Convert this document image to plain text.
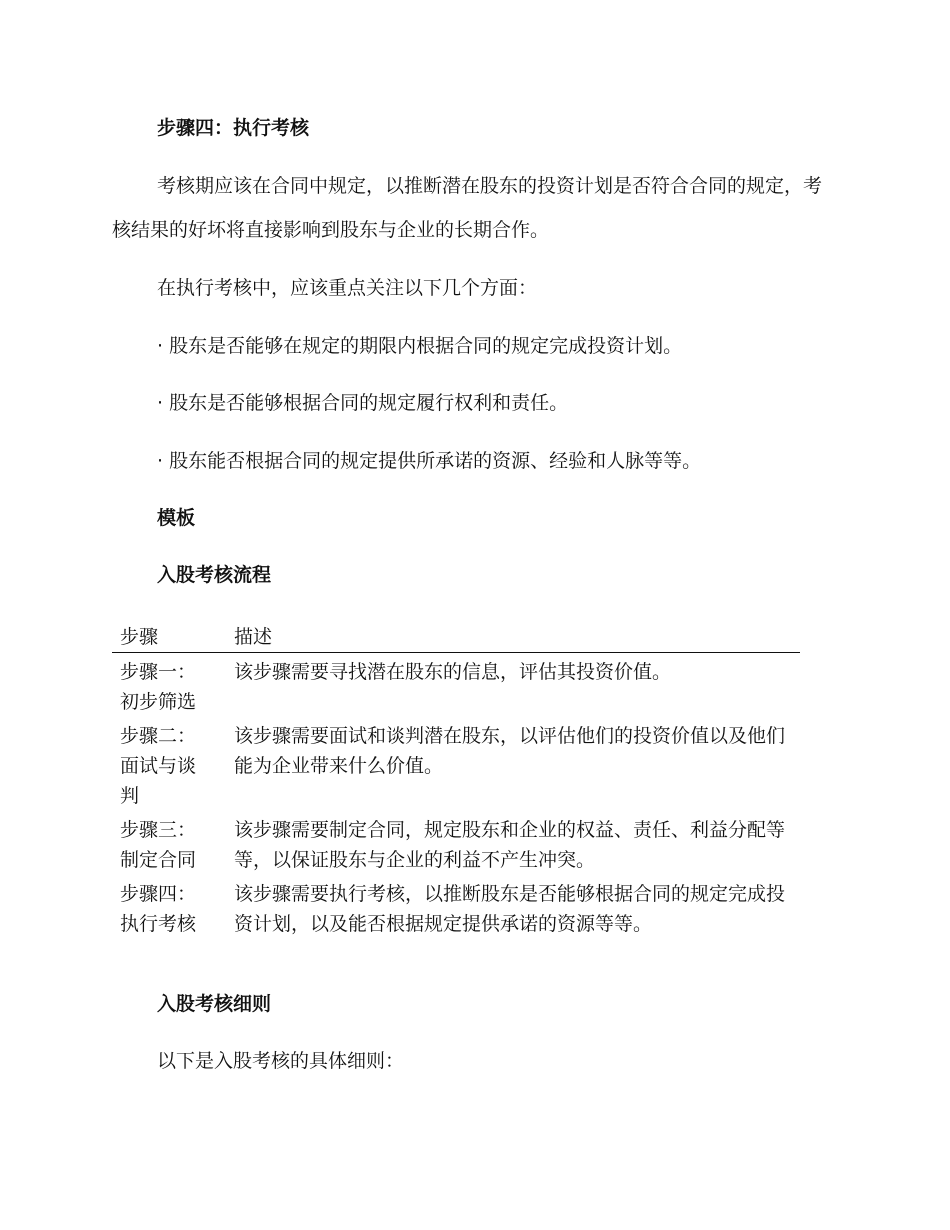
步骤四：执行考核
考核期应该在合同中规定，以推断潜在股东的投资计划是否符合合同的规定，考核结果的好坏将直接影响到股东与企业的长期合作。
在执行考核中，应该重点关注以下几个方面：
· 股东是否能够在规定的期限内根据合同的规定完成投资计划。
· 股东是否能够根据合同的规定履行权利和责任。
· 股东能否根据合同的规定提供所承诺的资源、经验和人脉等等。
模板
入股考核流程
步骤	描述

步骤一：初步筛选	该步骤需要寻找潜在股东的信息，评估其投资价值。

步骤二：面试与谈判	该步骤需要面试和谈判潜在股东，以评估他们的投资价值以及他们能为企业带来什么价值。

步骤三：制定合同	该步骤需要制定合同，规定股东和企业的权益、责任、利益分配等等，以保证股东与企业的利益不产生冲突。

步骤四：执行考核	该步骤需要执行考核，以推断股东是否能够根据合同的规定完成投资计划，以及能否根据规定提供承诺的资源等等。
入股考核细则
以下是入股考核的具体细则：
